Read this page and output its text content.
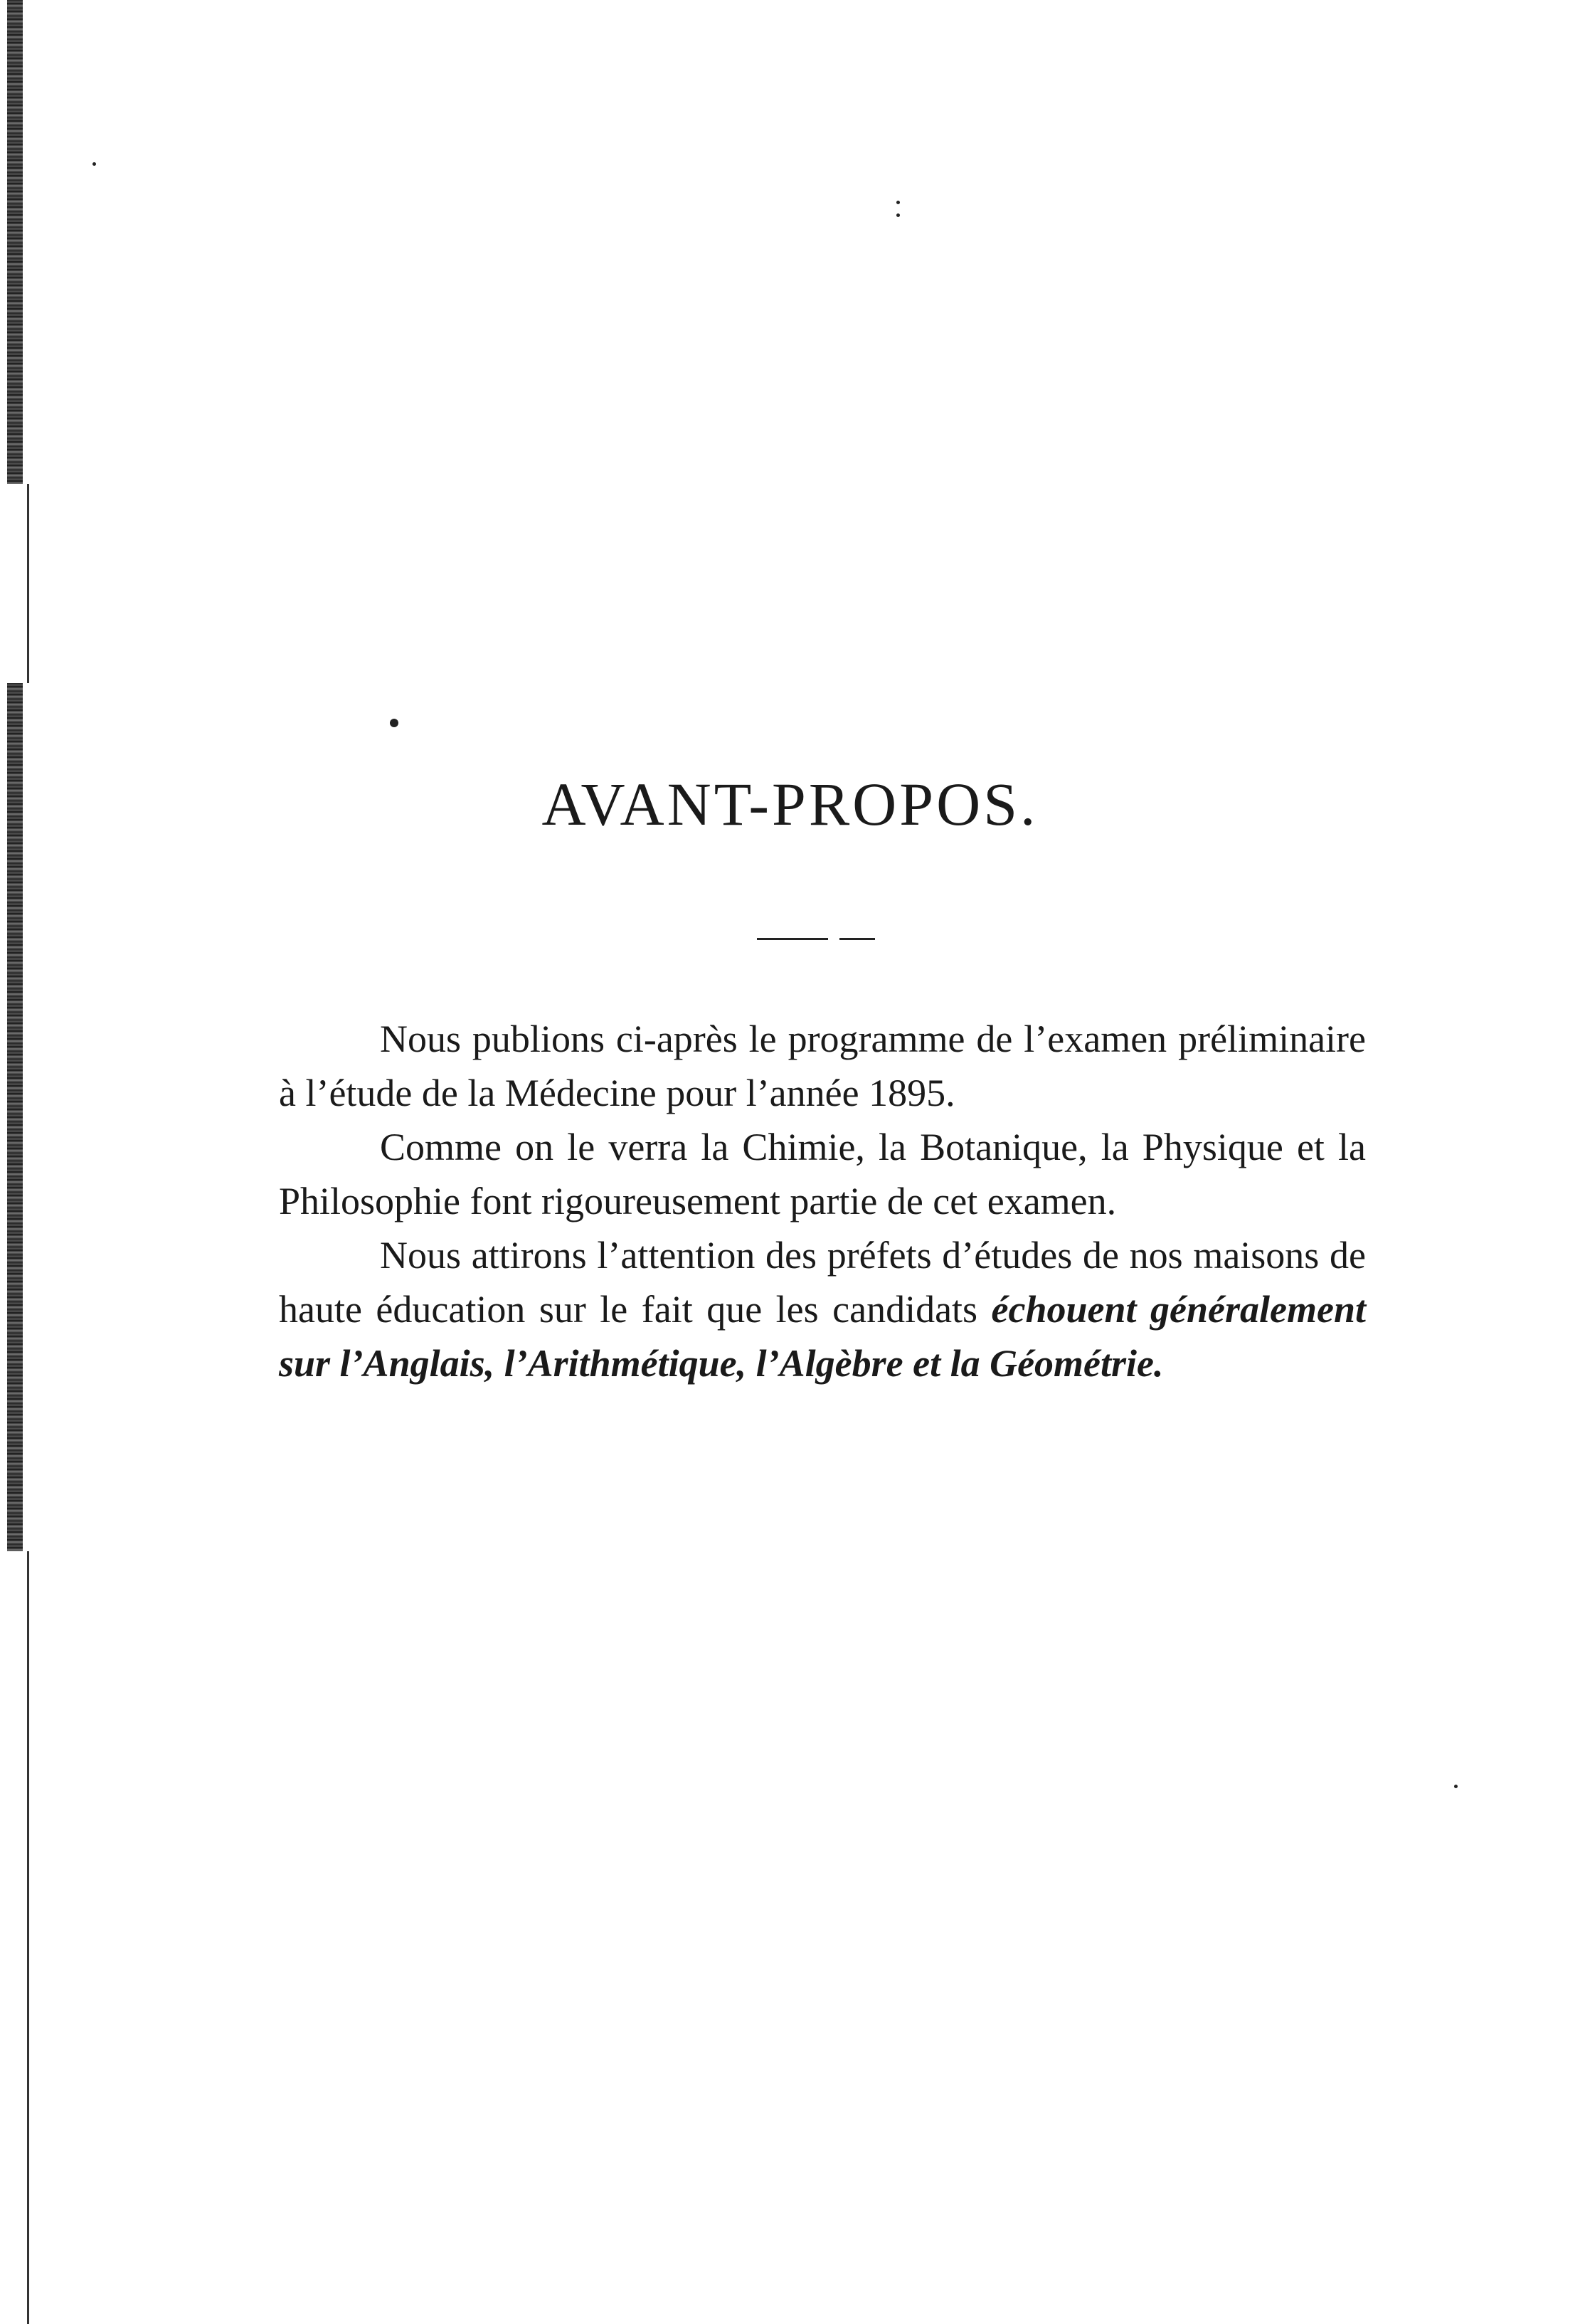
AVANT-PROPOS.

Nous publions ci-après le programme de l’examen préliminaire à l’étude de la Médecine pour l’année 1895.

Comme on le verra la Chimie, la Botanique, la Physique et la Philosophie font rigoureusement partie de cet examen.

Nous attirons l’attention des préfets d’études de nos maisons de haute éducation sur le fait que les candidats échouent généralement sur l’Anglais, l’Arithmétique, l’Algèbre et la Géométrie.
